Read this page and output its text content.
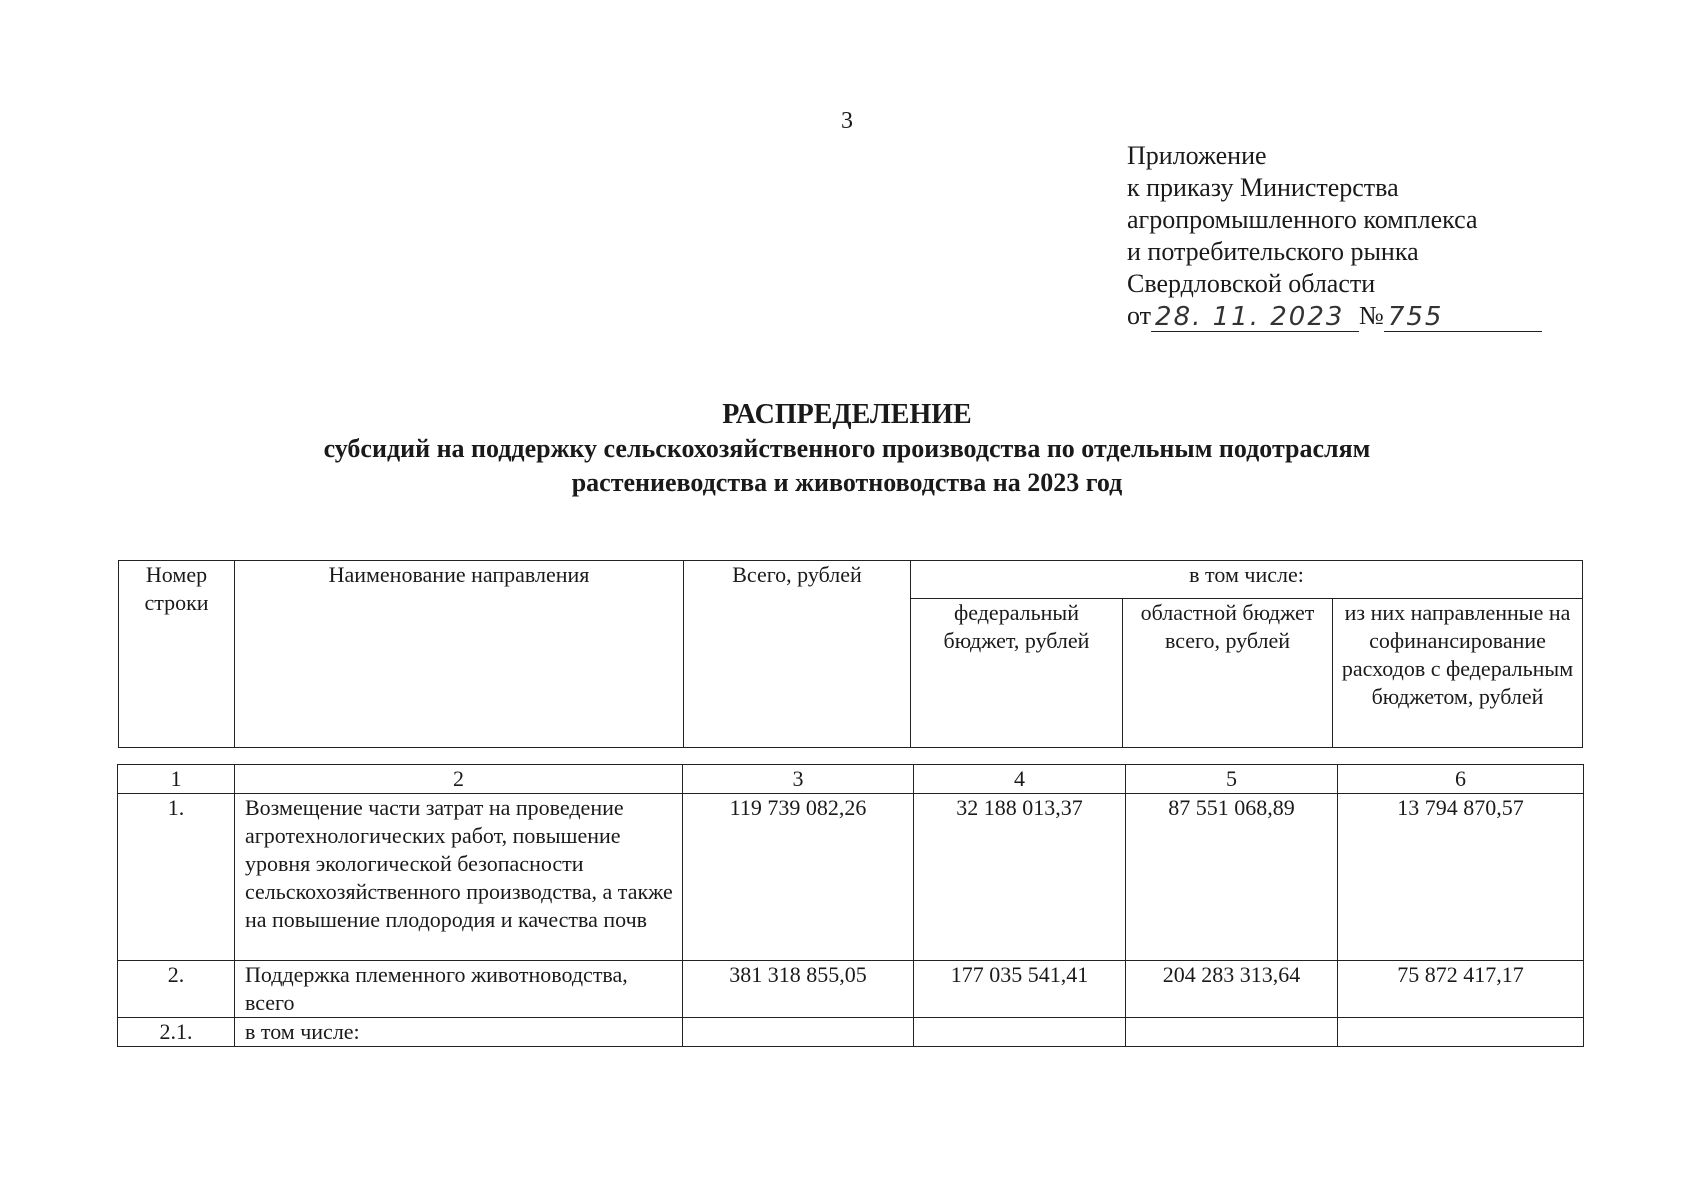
3
Приложение
к приказу Министерства
агропромышленного комплекса
и потребительского рынка
Свердловской области
от 28. 11. 2023 № 755
РАСПРЕДЕЛЕНИЕ
субсидий на поддержку сельскохозяйственного производства по отдельным подотраслям
растениеводства и животноводства на 2023 год
Номер строки	Наименование направления	Всего, рублей	в том числе:		
			федеральный бюджет, рублей	областной бюджет всего, рублей	из них направленные на софинансирование расходов с федеральным бюджетом, рублей
1	2	3	4	5	6
1.	Возмещение части затрат на проведение агротехнологических работ, повышение уровня экологической безопасности сельскохозяйственного производства, а также на повышение плодородия и качества почв	119 739 082,26	32 188 013,37	87 551 068,89	13 794 870,57
2.	Поддержка племенного животноводства, всего	381 318 855,05	177 035 541,41	204 283 313,64	75 872 417,17
2.1.	в том числе:				
